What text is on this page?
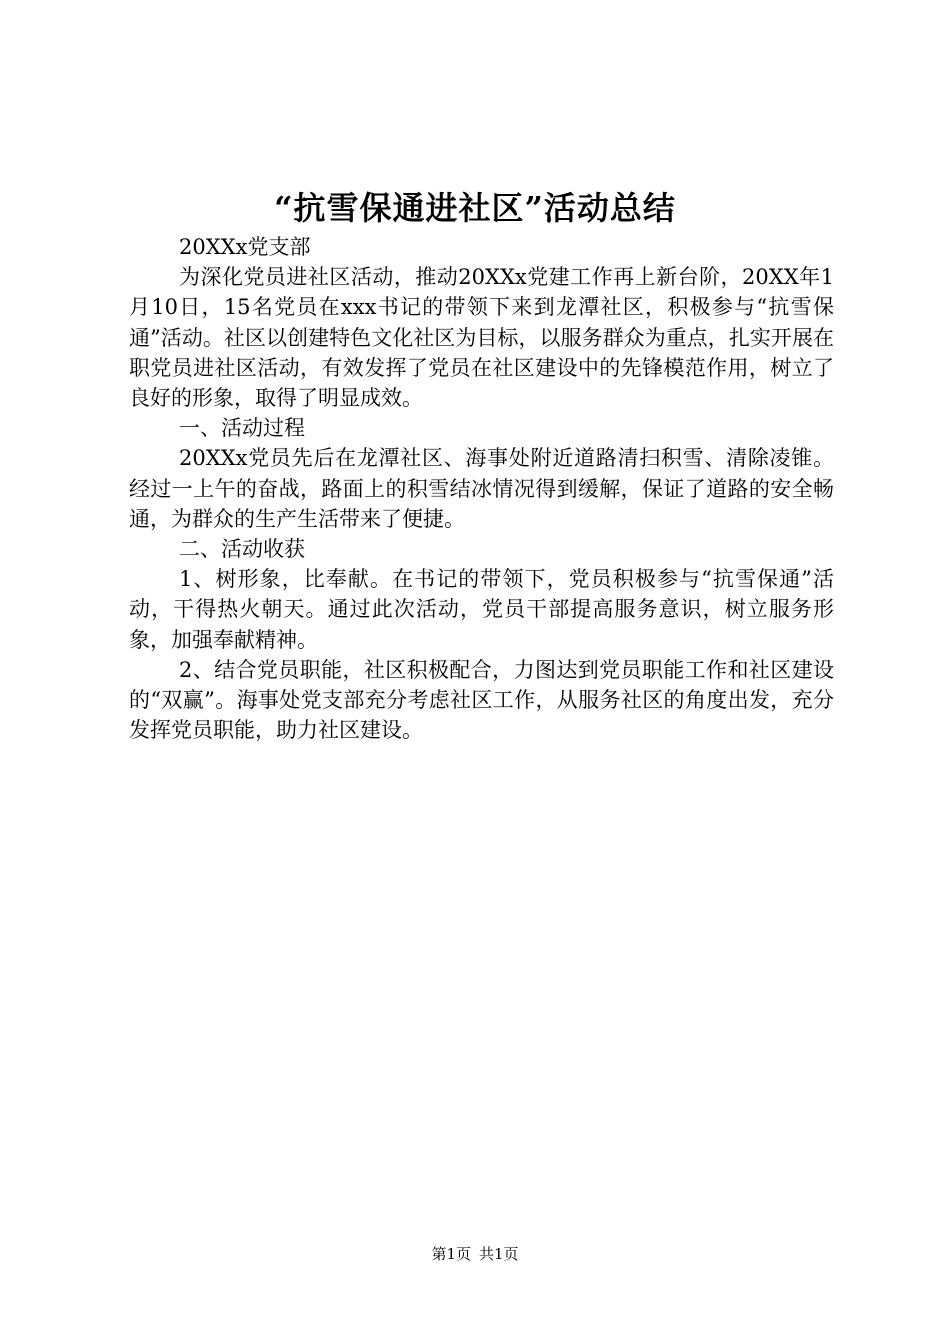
“抗雪保通进社区”活动总结

20XXx党支部

为深化党员进社区活动，推动20XXx党建工作再上新台阶，20XX年1月10日，15名党员在xxx书记的带领下来到龙潭社区，积极参与“抗雪保通”活动。社区以创建特色文化社区为目标，以服务群众为重点，扎实开展在职党员进社区活动，有效发挥了党员在社区建设中的先锋模范作用，树立了良好的形象，取得了明显成效。

一、活动过程

20XXx党员先后在龙潭社区、海事处附近道路清扫积雪、清除凌锥。经过一上午的奋战，路面上的积雪结冰情况得到缓解，保证了道路的安全畅通，为群众的生产生活带来了便捷。

二、活动收获

1、树形象，比奉献。在书记的带领下，党员积极参与“抗雪保通”活动，干得热火朝天。通过此次活动，党员干部提高服务意识，树立服务形象，加强奉献精神。

2、结合党员职能，社区积极配合，力图达到党员职能工作和社区建设的“双赢”。海事处党支部充分考虑社区工作，从服务社区的角度出发，充分发挥党员职能，助力社区建设。

第1页 共1页
